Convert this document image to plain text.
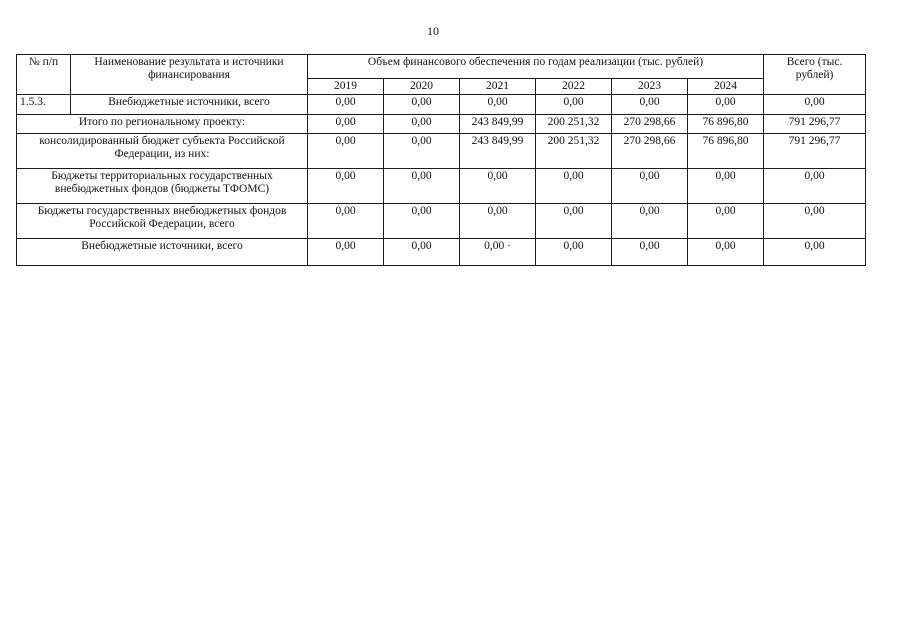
10
№ п/п	Наименование результата и источники финансирования	Объем финансового обеспечения по годам реализации (тыс. рублей)						Всего (тыс. рублей)
		2019	2020	2021	2022	2023	2024	
1.5.3.	Внебюджетные источники, всего	0,00	0,00	0,00	0,00	0,00	0,00	0,00
Итого по региональному проекту:		0,00	0,00	243 849,99	200 251,32	270 298,66	76 896,80	791 296,77
консолидированный бюджет субъекта Российской Федерации, из них:		0,00	0,00	243 849,99	200 251,32	270 298,66	76 896,80	791 296,77
Бюджеты территориальных государственных внебюджетных фондов (бюджеты ТФОМС)		0,00	0,00	0,00	0,00	0,00	0,00	0,00
Бюджеты государственных внебюджетных фондов Российской Федерации, всего		0,00	0,00	0,00	0,00	0,00	0,00	0,00
Внебюджетные источники, всего		0,00	0,00	0,00 ·	0,00	0,00	0,00	0,00
